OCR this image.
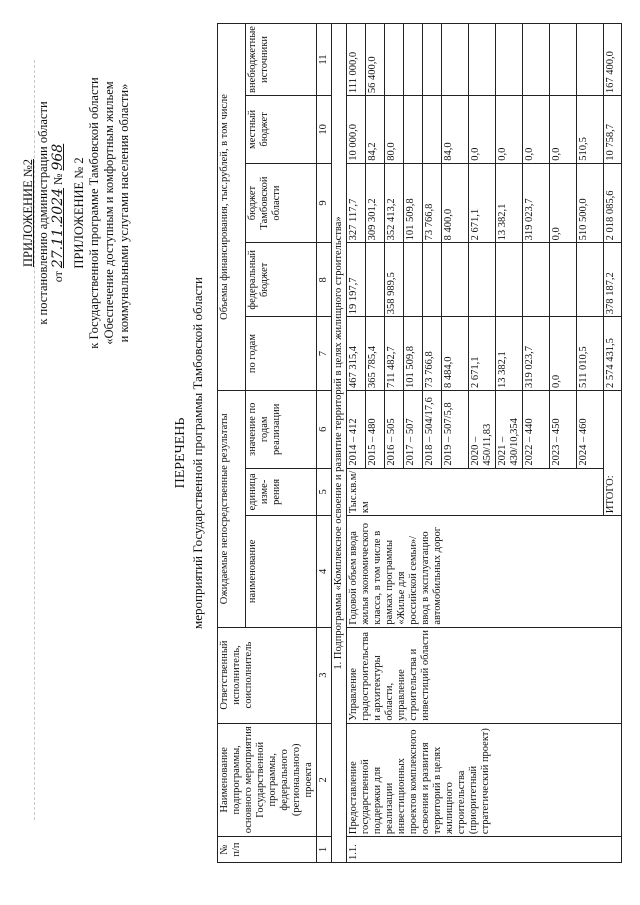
ПРИЛОЖЕНИЕ №2 к постановлению администрации области от 27.11.2024 № 968
ПРИЛОЖЕНИЕ № 2 к Государственной программе Тамбовской области «Обеспечение доступным и комфортным жильем и коммунальными услугами населения области»
ПЕРЕЧЕНЬ мероприятий Государственной программы Тамбовской области
№ п/п	Наименование подпрограммы, основного мероприятия Государственной программы, федерального (регионального) проекта	Ответственный исполнитель, соисполнитель	Ожидаемые непосредственные результаты			Объемы финансирования, тыс.рублей, в том числе				
			наименование	единица изме-рения	значение по годам реализации	по годам	федеральный бюджет	бюджет Тамбовской области	местный бюджет	внебюджетные источники
1	2	3	4	5	6	7	8	9	10	11
1. Подпрограмма «Комплексное освоение и развитие территорий в целях жилищного строительства»										
1.1.	Предоставление государственной поддержки для реализации инвестиционных проектов комплексного освоения и развития территорий в целях жилищного строительства (приоритетный стратегический проект)	Управление градостроительства и архитектуры области, управление строительства и инвестиций области	Годовой объем ввода жилья экономического класса, в том числе в рамках программы «Жилье для российской семьи»/ввод в эксплуатацию автомобильных дорог	Тыс.кв.м/км	2014 – 412	467 315,4	19 197,7	327 117,7	10 000,0	111 000,0
					2015 – 480	365 785,4		309 301,2	84,2	56 400,0
					2016 – 505	711 482,7	358 989,5	352 413,2	80,0	
					2017 – 507	101 509,8		101 509,8		
					2018 – 504/17,6	73 766,8		73 766,8		
					2019 – 507/5,8	8 484,0		8 400,0	84,0	
					2020 – 450/11,83	2 671,1		2 671,1	0,0	
					2021 – 430/10,354	13 382,1		13 382,1	0,0	
					2022 – 440	319 023,7		319 023,7	0,0	
					2023 – 450	0,0		0,0	0,0	
					2024 – 460	511 010,5		510 500,0	510,5	
				ИТОГО:		2 574 431,5	378 187,2	2 018 085,6	10 758,7	167 400,0
